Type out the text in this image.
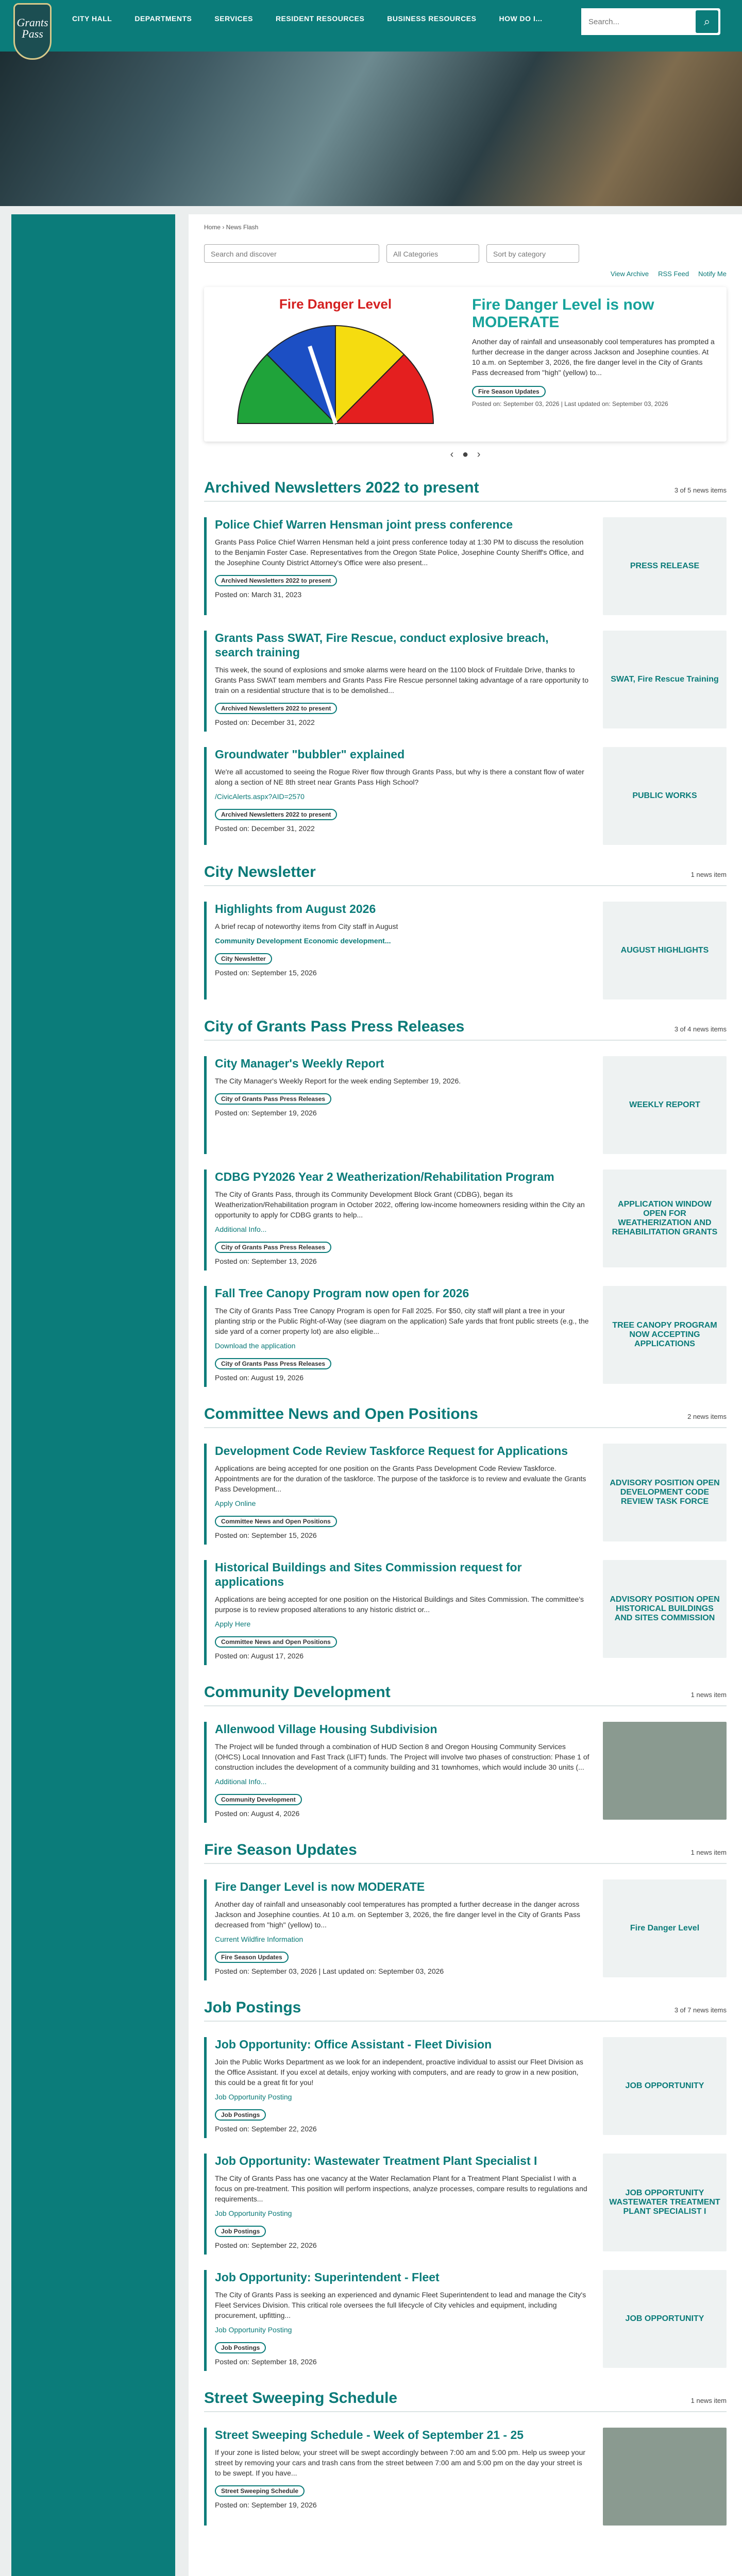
Grants Pass
CITY HALL	DEPARTMENTS	SERVICES	RESIDENT RESOURCES	BUSINESS RESOURCES	HOW DO I...
Search...	⌕
Home › News Flash
Search and discover	All Categories	Sort by category
View Archive RSS Feed Notify Me
Fire Danger Level	Fire Danger Level is now MODERATE

Another day of rainfall and unseasonably cool temperatures has prompted a further decrease in the danger across Jackson and Josephine counties. At 10 a.m. on September 3, 2026, the fire danger level in the City of Grants Pass decreased from "high" (yellow) to...

Fire Season Updates

Posted on: September 03, 2026 | Last updated on: September 03, 2026

‹ ● ›
Archived Newsletters 2022 to present	3 of 5 news items
Police Chief Warren Hensman joint press conference

Grants Pass Police Chief Warren Hensman held a joint press conference today at 1:30 PM to discuss the resolution to the Benjamin Foster Case. Representatives from the Oregon State Police, Josephine County Sheriff's Office, and the Josephine County District Attorney's Office were also present...

Archived Newsletters 2022 to present

Posted on: March 31, 2023

PRESS RELEASE
Grants Pass SWAT, Fire Rescue, conduct explosive breach, search training

This week, the sound of explosions and smoke alarms were heard on the 1100 block of Fruitdale Drive, thanks to Grants Pass SWAT team members and Grants Pass Fire Rescue personnel taking advantage of a rare opportunity to train on a residential structure that is to be demolished...

Archived Newsletters 2022 to present

Posted on: December 31, 2022

SWAT, Fire Rescue Training
Groundwater "bubbler" explained

We're all accustomed to seeing the Rogue River flow through Grants Pass, but why is there a constant flow of water along a section of NE 8th street near Grants Pass High School?

/CivicAlerts.aspx?AID=2570

Archived Newsletters 2022 to present

Posted on: December 31, 2022

PUBLIC WORKS
City Newsletter	1 news item
Highlights from August 2026

A brief recap of noteworthy items from City staff in August

Community Development Economic development...

City Newsletter

Posted on: September 15, 2026

AUGUST HIGHLIGHTS
City of Grants Pass Press Releases	3 of 4 news items
City Manager's Weekly Report

The City Manager's Weekly Report for the week ending September 19, 2026.

City of Grants Pass Press Releases

Posted on: September 19, 2026

WEEKLY REPORT
CDBG PY2026 Year 2 Weatherization/Rehabilitation Program

The City of Grants Pass, through its Community Development Block Grant (CDBG), began its Weatherization/Rehabilitation program in October 2022, offering low-income homeowners residing within the City an opportunity to apply for CDBG grants to help...

Additional Info...

City of Grants Pass Press Releases

Posted on: September 13, 2026

APPLICATION WINDOW OPEN FOR WEATHERIZATION AND REHABILITATION GRANTS
Fall Tree Canopy Program now open for 2026

The City of Grants Pass Tree Canopy Program is open for Fall 2025. For $50, city staff will plant a tree in your planting strip or the Public Right-of-Way (see diagram on the application) Safe yards that front public streets (e.g., the side yard of a corner property lot) are also eligible...

Download the application

City of Grants Pass Press Releases

Posted on: August 19, 2026

TREE CANOPY PROGRAM NOW ACCEPTING APPLICATIONS
Committee News and Open Positions	2 news items
Development Code Review Taskforce Request for Applications

Applications are being accepted for one position on the Grants Pass Development Code Review Taskforce. Appointments are for the duration of the taskforce. The purpose of the taskforce is to review and evaluate the Grants Pass Development...

Apply Online

Committee News and Open Positions

Posted on: September 15, 2026

ADVISORY POSITION OPEN DEVELOPMENT CODE REVIEW TASK FORCE
Historical Buildings and Sites Commission request for applications

Applications are being accepted for one position on the Historical Buildings and Sites Commission. The committee's purpose is to review proposed alterations to any historic district or...

Apply Here

Committee News and Open Positions

Posted on: August 17, 2026

ADVISORY POSITION OPEN HISTORICAL BUILDINGS AND SITES COMMISSION
Community Development	1 news item
Allenwood Village Housing Subdivision

The Project will be funded through a combination of HUD Section 8 and Oregon Housing Community Services (OHCS) Local Innovation and Fast Track (LIFT) funds. The Project will involve two phases of construction: Phase 1 of construction includes the development of a community building and 31 townhomes, which would include 30 units (...

Additional Info...

Community Development

Posted on: August 4, 2026

Fire Season Updates	1 news item
Fire Danger Level is now MODERATE

Another day of rainfall and unseasonably cool temperatures has prompted a further decrease in the danger across Jackson and Josephine counties. At 10 a.m. on September 3, 2026, the fire danger level in the City of Grants Pass decreased from "high" (yellow) to...

Current Wildfire Information

Fire Season Updates

Posted on: September 03, 2026 | Last updated on: September 03, 2026

Fire Danger Level
Job Postings	3 of 7 news items
Job Opportunity: Office Assistant - Fleet Division

Join the Public Works Department as we look for an independent, proactive individual to assist our Fleet Division as the Office Assistant. If you excel at details, enjoy working with computers, and are ready to grow in a new position, this could be a great fit for you!

Job Opportunity Posting

Job Postings

Posted on: September 22, 2026

JOB OPPORTUNITY
Job Opportunity: Wastewater Treatment Plant Specialist I

The City of Grants Pass has one vacancy at the Water Reclamation Plant for a Treatment Plant Specialist I with a focus on pre-treatment. This position will perform inspections, analyze processes, compare results to regulations and requirements...

Job Opportunity Posting

Job Postings

Posted on: September 22, 2026

JOB OPPORTUNITY WASTEWATER TREATMENT PLANT SPECIALIST I
Job Opportunity: Superintendent - Fleet

The City of Grants Pass is seeking an experienced and dynamic Fleet Superintendent to lead and manage the City's Fleet Services Division. This critical role oversees the full lifecycle of City vehicles and equipment, including procurement, upfitting...

Job Opportunity Posting

Job Postings

Posted on: September 18, 2026

JOB OPPORTUNITY
Street Sweeping Schedule	1 news item
Street Sweeping Schedule - Week of September 21 - 25

If your zone is listed below, your street will be swept accordingly between 7:00 am and 5:00 pm. Help us sweep your street by removing your cars and trash cans from the street between 7:00 am and 5:00 pm on the day your street is to be swept. If you have...

Street Sweeping Schedule

Posted on: September 19, 2026
